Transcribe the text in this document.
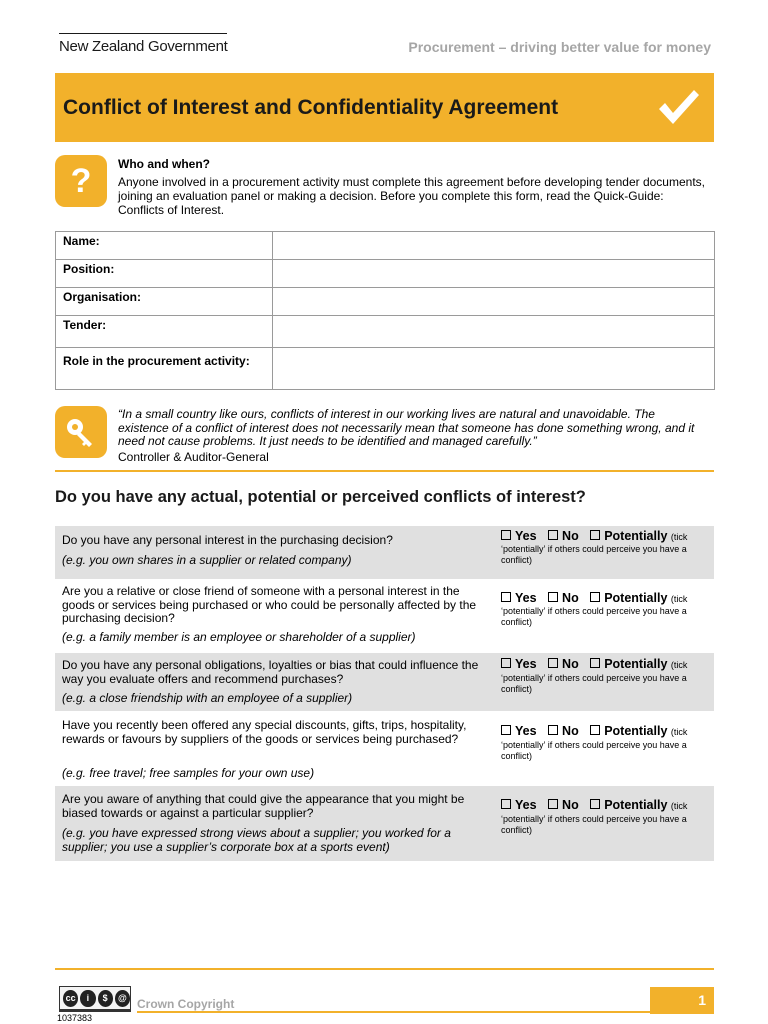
New Zealand Government	Procurement – driving better value for money
Conflict of Interest and Confidentiality Agreement
? Who and when?
Anyone involved in a procurement activity must complete this agreement before developing tender documents, joining an evaluation panel or making a decision. Before you complete this form, read the Quick-Guide: Conflicts of Interest.
Name:	
Position:	
Organisation:	
Tender:	
Role in the procurement activity:	
“In a small country like ours, conflicts of interest in our working lives are natural and unavoidable. The existence of a conflict of interest does not necessarily mean that someone has done something wrong, and it need not cause problems. It just needs to be identified and managed carefully.”
Controller & Auditor-General
Do you have any actual, potential or perceived conflicts of interest?
Do you have any personal interest in the purchasing decision?
(e.g. you own shares in a supplier or related company)
Yes No Potentially (tick
‘potentially’ if others could perceive you have a conflict)
Are you a relative or close friend of someone with a personal interest in the goods or services being purchased or who could be personally affected by the purchasing decision?
(e.g. a family member is an employee or shareholder of a supplier)
Yes No Potentially (tick
‘potentially’ if others could perceive you have a conflict)
Do you have any personal obligations, loyalties or bias that could influence the way you evaluate offers and recommend purchases?
(e.g. a close friendship with an employee of a supplier)
Yes No Potentially (tick
‘potentially’ if others could perceive you have a conflict)
Have you recently been offered any special discounts, gifts, trips, hospitality, rewards or favours by suppliers of the goods or services being purchased?
(e.g. free travel; free samples for your own use)
Yes No Potentially (tick
‘potentially’ if others could perceive you have a conflict)
Are you aware of anything that could give the appearance that you might be biased towards or against a particular supplier?
(e.g. you have expressed strong views about a supplier; you worked for a supplier; you use a supplier’s corporate box at a sports event)
Yes No Potentially (tick
‘potentially’ if others could perceive you have a conflict)
cc	i	$	@ Crown Copyright
1037383
1
